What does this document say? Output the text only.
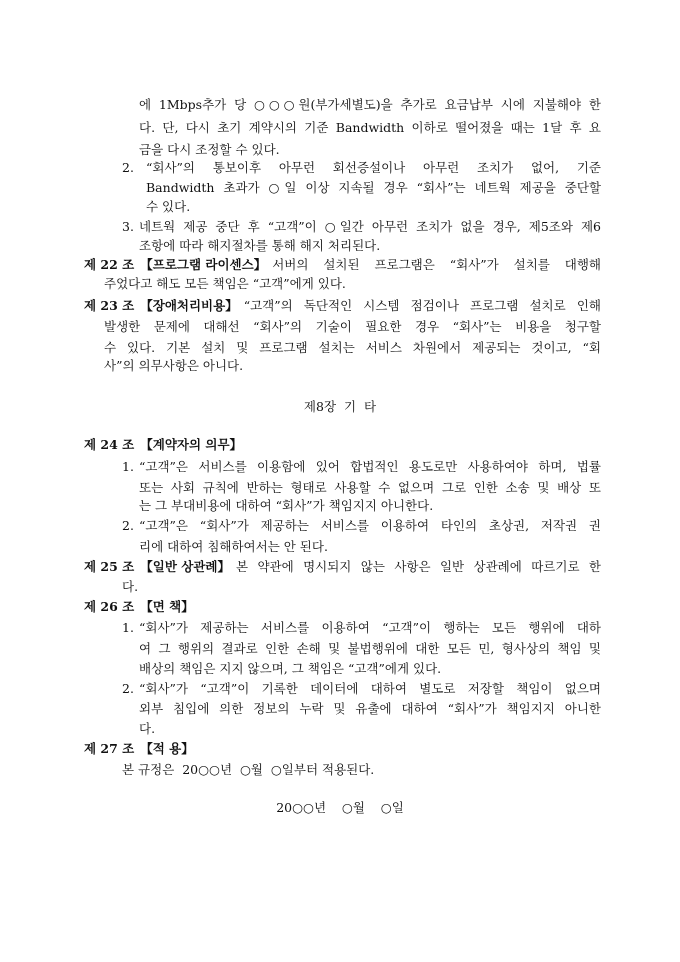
에 1Mbps추가 당 ○○○원(부가세별도)을 추가로 요금납부 시에 지불해야 한
다. 단, 다시 초기 계약시의 기준 Bandwidth 이하로 떨어졌을 때는 1달 후 요
금을 다시 조정할 수 있다.
2. “회사”의 통보이후 아무런 회선증설이나 아무런 조치가 없어, 기준
Bandwidth 초과가 ○일 이상 지속될 경우 “회사”는 네트웍 제공을 중단할
수 있다.
3. 네트웍 제공 중단 후 “고객”이 ○일간 아무런 조치가 없을 경우, 제5조와 제6
조항에 따라 해지절차를 통해 해지 처리된다.
제 22 조 【프로그램 라이센스】 서버의 설치된 프로그램은 “회사”가 설치를 대행해
주었다고 해도 모든 책임은 “고객”에게 있다.
제 23 조 【장애처리비용】 “고객”의 독단적인 시스템 점검이나 프로그램 설치로 인해
발생한 문제에 대해선 “회사”의 기술이 필요한 경우 “회사”는 비용을 청구할
수 있다. 기본 설치 및 프로그램 설치는 서비스 차원에서 제공되는 것이고, “회
사”의 의무사항은 아니다.
제8장  기  타
제 24 조 【계약자의 의무】
1. “고객”은 서비스를 이용함에 있어 합법적인 용도로만 사용하여야 하며, 법률
또는 사회 규칙에 반하는 형태로 사용할 수 없으며 그로 인한 소송 및 배상 또
는 그 부대비용에 대하여 “회사”가 책임지지 아니한다.
2. “고객”은 “회사”가 제공하는 서비스를 이용하여 타인의 초상권, 저작권 권
리에 대하여 침해하여서는 안 된다.
제 25 조 【일반 상관례】 본 약관에 명시되지 않는 사항은 일반 상관례에 따르기로 한
다.
제 26 조 【면 책】
1. “회사”가 제공하는 서비스를 이용하여 “고객”이 행하는 모든 행위에 대하
여 그 행위의 결과로 인한 손해 및 불법행위에 대한 모든 민, 형사상의 책임 및
배상의 책임은 지지 않으며, 그 책임은 “고객”에게 있다.
2. “회사”가 “고객”이 기록한 데이터에 대하여 별도로 저장할 책임이 없으며
외부 침입에 의한 정보의 누락 및 유출에 대하여 “회사”가 책임지지 아니한
다.
제 27 조 【적 용】
본 규정은  20○○년  ○월  ○일부터 적용된다.
20○○년    ○월    ○일
